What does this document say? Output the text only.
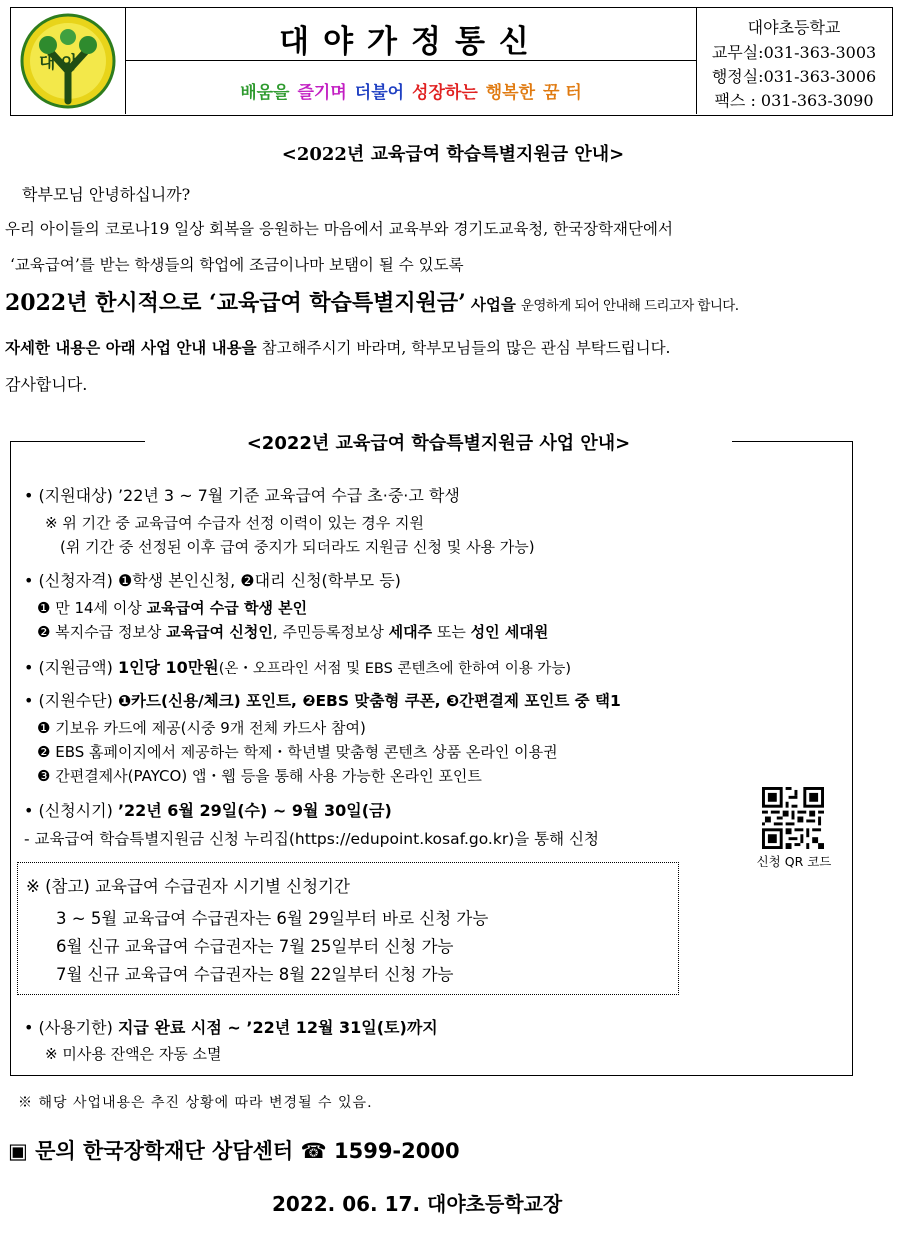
대야
대야가정통신
배움을 즐기며 더불어 성장하는 행복한 꿈 터
대야초등학교
교무실:031-363-3003
행정실:031-363-3006
팩스 : 031-363-3090
<2022년 교육급여 학습특별지원금 안내>
학부모님 안녕하십니까?
우리 아이들의 코로나19 일상 회복을 응원하는 마음에서 교육부와 경기도교육청, 한국장학재단에서
‘교육급여’를 받는 학생들의 학업에 조금이나마 보탬이 될 수 있도록
2022년 한시적으로 ‘교육급여 학습특별지원금’ 사업을 운영하게 되어 안내해 드리고자 합니다.
자세한 내용은 아래 사업 안내 내용을 참고해주시기 바라며, 학부모님들의 많은 관심 부탁드립니다.
감사합니다.
<2022년 교육급여 학습특별지원금 사업 안내>
• (지원대상) ’22년 3 ~ 7월 기준 교육급여 수급 초·중·고 학생
※ 위 기간 중 교육급여 수급자 선정 이력이 있는 경우 지원
(위 기간 중 선정된 이후 급여 중지가 되더라도 지원금 신청 및 사용 가능)
• (신청자격) ❶학생 본인신청, ❷대리 신청(학부모 등)
❶ 만 14세 이상 교육급여 수급 학생 본인
❷ 복지수급 정보상 교육급여 신청인, 주민등록정보상 세대주 또는 성인 세대원
• (지원금액) 1인당 10만원(온・오프라인 서점 및 EBS 콘텐츠에 한하여 이용 가능)
• (지원수단) ❶카드(신용/체크) 포인트, ❷EBS 맞춤형 쿠폰, ❸간편결제 포인트 중 택1
❶ 기보유 카드에 제공(시중 9개 전체 카드사 참여)
❷ EBS 홈페이지에서 제공하는 학제・학년별 맞춤형 콘텐츠 상품 온라인 이용권
❸ 간편결제사(PAYCO) 앱・웹 등을 통해 사용 가능한 온라인 포인트
• (신청시기) ’22년 6월 29일(수) ~ 9월 30일(금)
- 교육급여 학습특별지원금 신청 누리집(https://edupoint.kosaf.go.kr)을 통해 신청
신청 QR 코드
※ (참고) 교육급여 수급권자 시기별 신청기간
3 ~ 5월 교육급여 수급권자는 6월 29일부터 바로 신청 가능
6월 신규 교육급여 수급권자는 7월 25일부터 신청 가능
7월 신규 교육급여 수급권자는 8월 22일부터 신청 가능
• (사용기한) 지급 완료 시점 ~ ’22년 12월 31일(토)까지
※ 미사용 잔액은 자동 소멸
※ 해당 사업내용은 추진 상황에 따라 변경될 수 있음.
▣ 문의 한국장학재단 상담센터 ☎ 1599-2000
2022. 06. 17. 대야초등학교장
